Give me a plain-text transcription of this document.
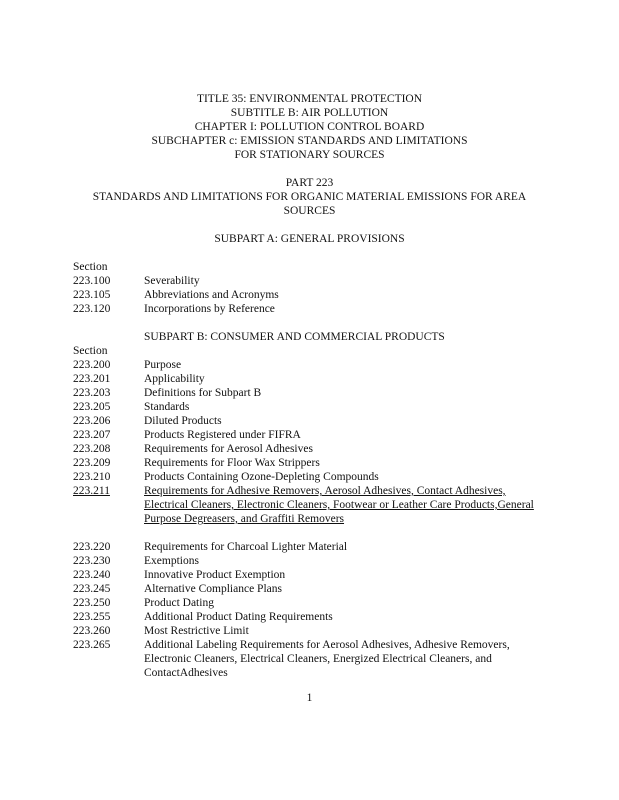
TITLE 35: ENVIRONMENTAL PROTECTION
SUBTITLE B: AIR POLLUTION
CHAPTER I: POLLUTION CONTROL BOARD
SUBCHAPTER c: EMISSION STANDARDS AND LIMITATIONS
FOR STATIONARY SOURCES
PART 223
STANDARDS AND LIMITATIONS FOR ORGANIC MATERIAL EMISSIONS FOR AREA
SOURCES
SUBPART A: GENERAL PROVISIONS
Section
223.100	Severability
223.105	Abbreviations and Acronyms
223.120	Incorporations by Reference
SUBPART B: CONSUMER AND COMMERCIAL PRODUCTS
Section
223.200	Purpose
223.201	Applicability
223.203	Definitions for Subpart B
223.205	Standards
223.206	Diluted Products
223.207	Products Registered under FIFRA
223.208	Requirements for Aerosol Adhesives
223.209	Requirements for Floor Wax Strippers
223.210	Products Containing Ozone-Depleting Compounds
223.211	Requirements for Adhesive Removers, Aerosol Adhesives, Contact Adhesives, Electrical Cleaners, Electronic Cleaners, Footwear or Leather Care Products,General Purpose Degreasers, and Graffiti Removers
223.220	Requirements for Charcoal Lighter Material
223.230	Exemptions
223.240	Innovative Product Exemption
223.245	Alternative Compliance Plans
223.250	Product Dating
223.255	Additional Product Dating Requirements
223.260	Most Restrictive Limit
223.265	Additional Labeling Requirements for Aerosol Adhesives, Adhesive Removers, Electronic Cleaners, Electrical Cleaners, Energized Electrical Cleaners, and ContactAdhesives
1
